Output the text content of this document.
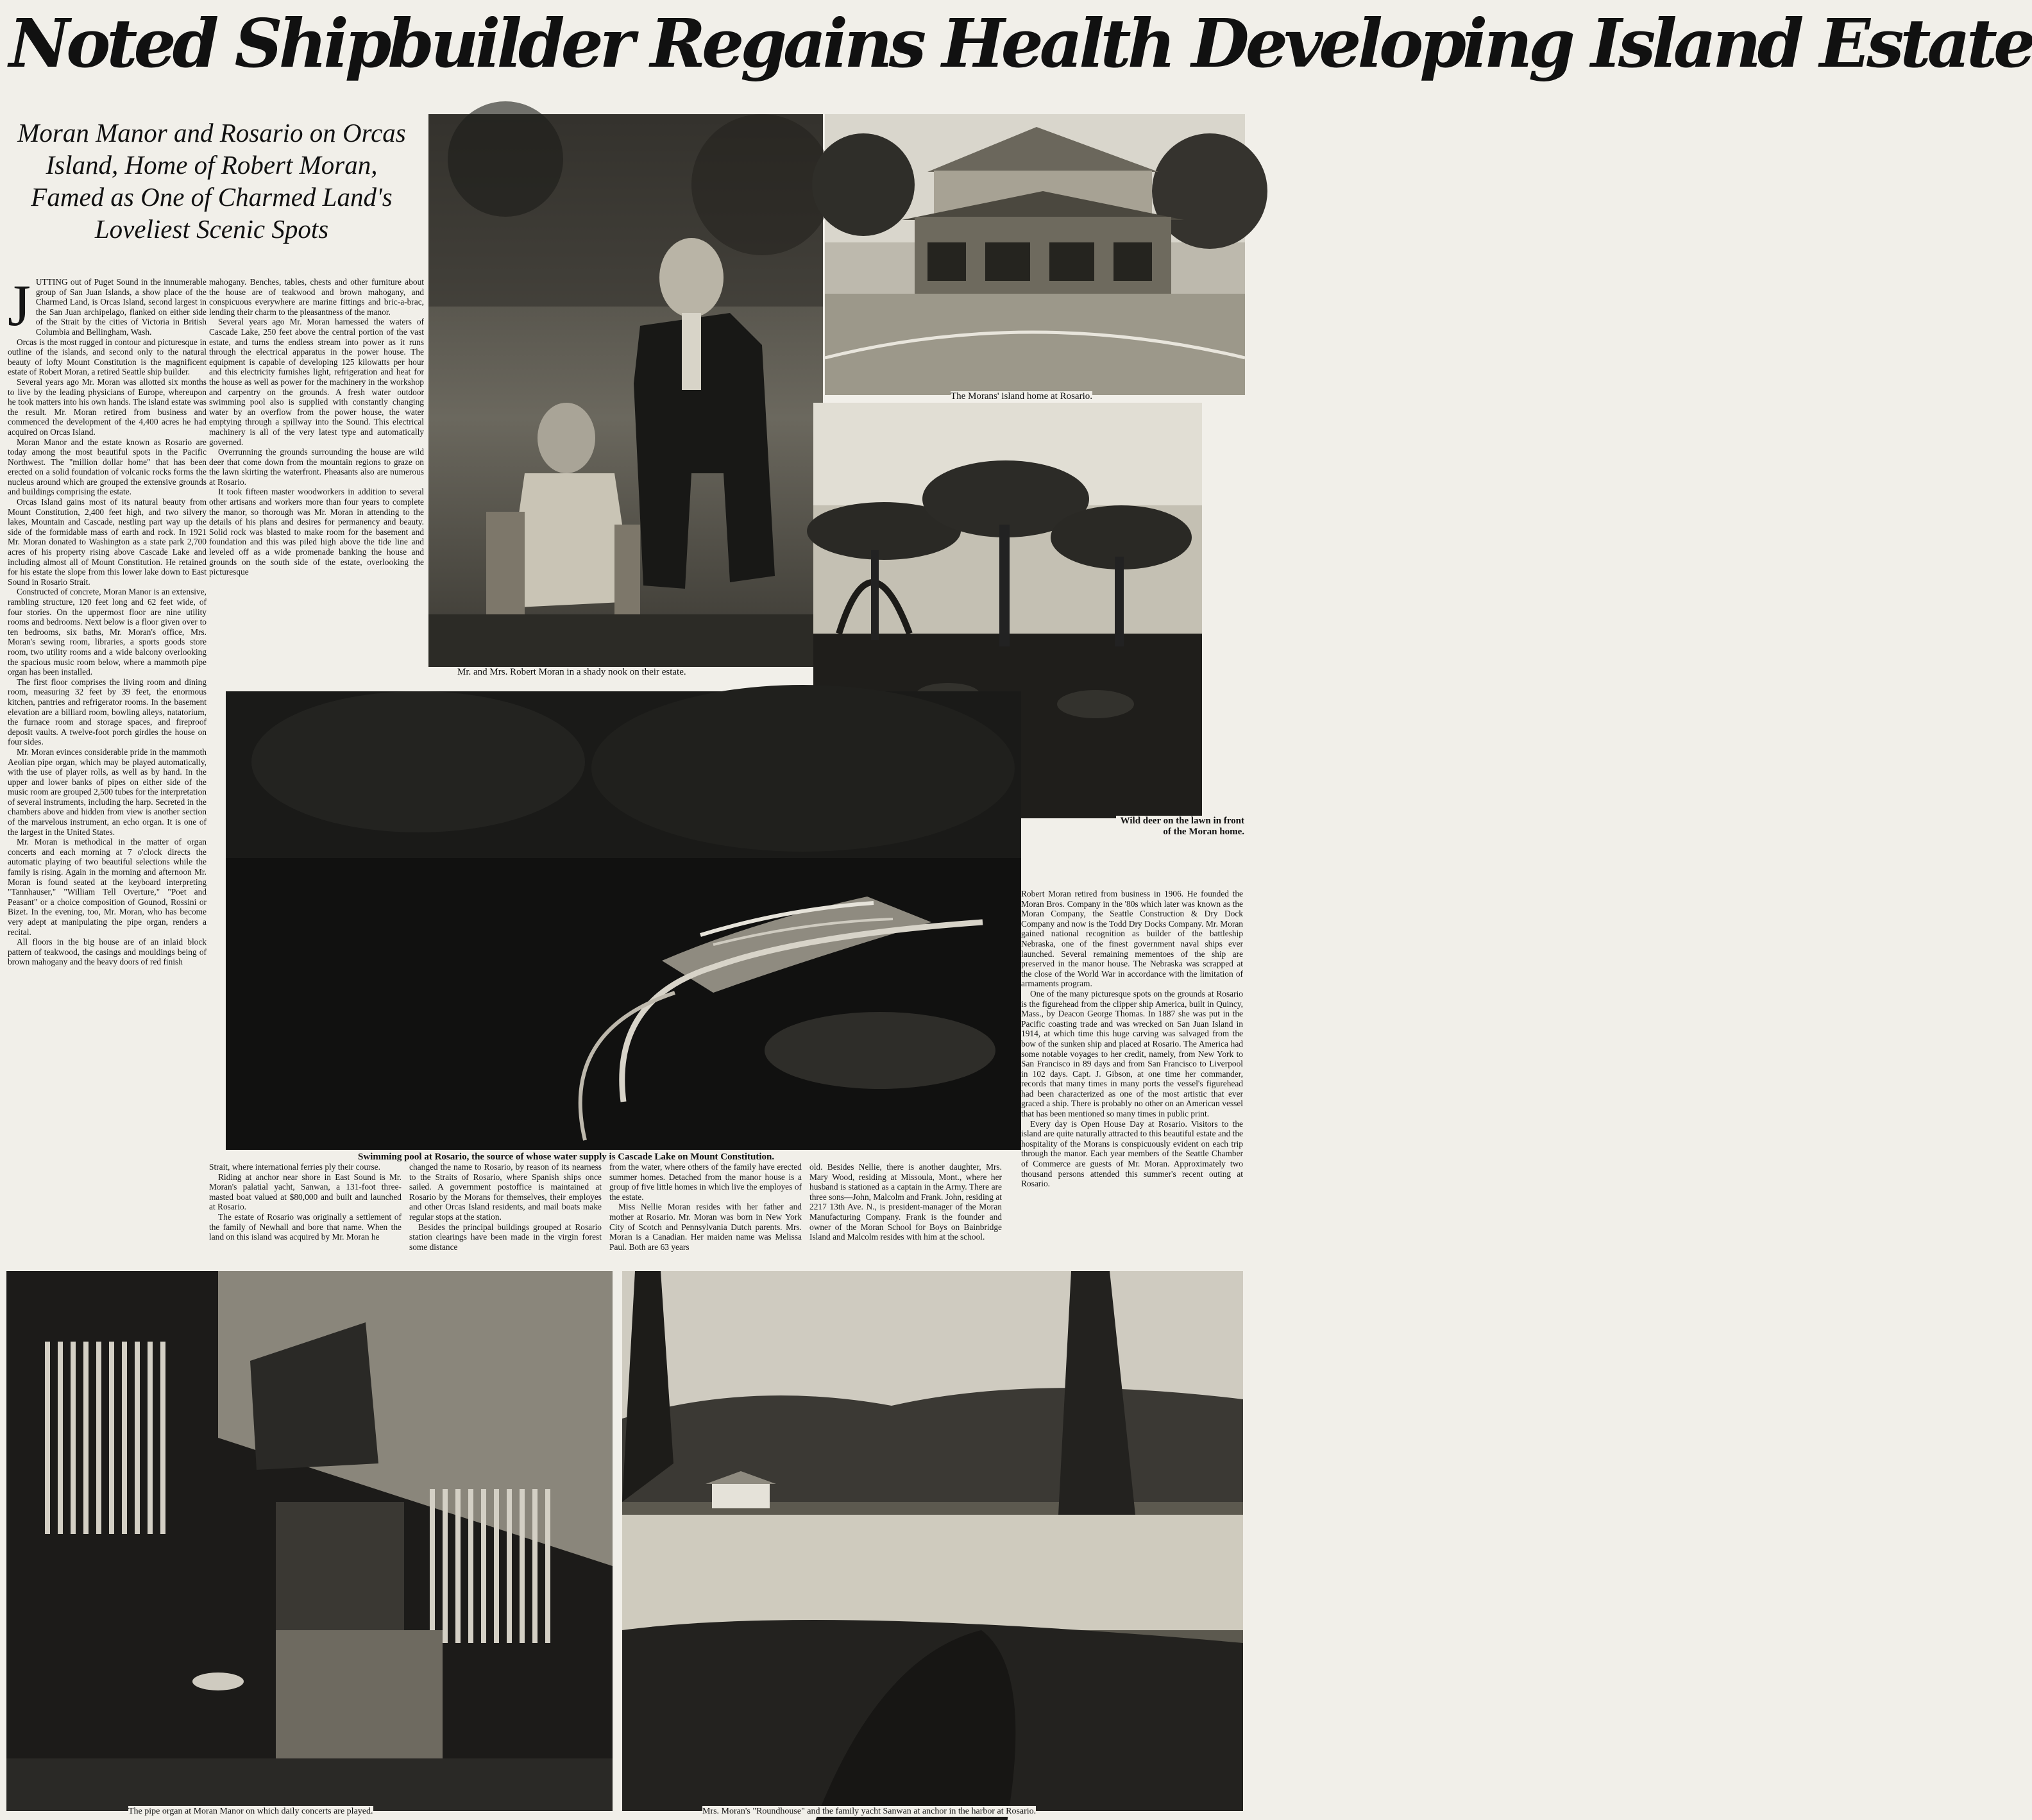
Noted Shipbuilder Regains Health Developing Island Estate
Moran Manor and Rosario on Orcas Island, Home of Robert Moran, Famed as One of Charmed Land's Loveliest Scenic Spots
Mr. and Mrs. Robert Moran in a shady nook on their estate.
The Morans' island home at Rosario.
Wild deer on the lawn in front of the Moran home.
Swimming pool at Rosario, the source of whose water supply is Cascade Lake on Mount Constitution.
The pipe organ at Moran Manor on which daily concerts are played.	Mrs. Moran's "Roundhouse" and the family yacht Sanwan at anchor in the harbor at Rosario.

JUTTING out of Puget Sound in the innumerable group of San Juan Islands, a show place of the Charmed Land, is Orcas Island, second largest in the San Juan archipelago, flanked on either side of the Strait by the cities of Victoria in British Columbia and Bellingham, Wash.

Orcas is the most rugged in contour and picturesque in outline of the islands, and second only to the natural beauty of lofty Mount Constitution is the magnificent estate of Robert Moran, a retired Seattle ship builder.

Several years ago Mr. Moran was allotted six months to live by the leading physicians of Europe, whereupon he took matters into his own hands. The island estate was the result. Mr. Moran retired from business and commenced the development of the 4,400 acres he had acquired on Orcas Island.

Moran Manor and the estate known as Rosario are today among the most beautiful spots in the Pacific Northwest. The "million dollar home" that has been erected on a solid foundation of volcanic rocks forms the nucleus around which are grouped the extensive grounds and buildings comprising the estate.

Orcas Island gains most of its natural beauty from Mount Constitution, 2,400 feet high, and two silvery lakes, Mountain and Cascade, nestling part way up the side of the formidable mass of earth and rock. In 1921 Mr. Moran donated to Washington as a state park 2,700 acres of his property rising above Cascade Lake and including almost all of Mount Constitution. He retained for his estate the slope from this lower lake down to East Sound in Rosario Strait.

Constructed of concrete, Moran Manor is an extensive, rambling structure, 120 feet long and 62 feet wide, of four stories. On the uppermost floor are nine utility rooms and bedrooms. Next below is a floor given over to ten bedrooms, six baths, Mr. Moran's office, Mrs. Moran's sewing room, libraries, a sports goods store room, two utility rooms and a wide balcony overlooking the spacious music room below, where a mammoth pipe organ has been installed.

The first floor comprises the living room and dining room, measuring 32 feet by 39 feet, the enormous kitchen, pantries and refrigerator rooms. In the basement elevation are a billiard room, bowling alleys, natatorium, the furnace room and storage spaces, and fireproof deposit vaults. A twelve-foot porch girdles the house on four sides.

Mr. Moran evinces considerable pride in the mammoth Aeolian pipe organ, which may be played automatically, with the use of player rolls, as well as by hand. In the upper and lower banks of pipes on either side of the music room are grouped 2,500 tubes for the interpretation of several instruments, including the harp. Secreted in the chambers above and hidden from view is another section of the marvelous instrument, an echo organ. It is one of the largest in the United States.

Mr. Moran is methodical in the matter of organ concerts and each morning at 7 o'clock directs the automatic playing of two beautiful selections while the family is rising. Again in the morning and afternoon Mr. Moran is found seated at the keyboard interpreting "Tannhauser," "William Tell Overture," "Poet and Peasant" or a choice composition of Gounod, Rossini or Bizet. In the evening, too, Mr. Moran, who has become very adept at manipulating the pipe organ, renders a recital.

All floors in the big house are of an inlaid block pattern of teakwood, the casings and mouldings being of brown mahogany and the heavy doors of red finish

mahogany. Benches, tables, chests and other furniture about the house are of teakwood and brown mahogany, and conspicuous everywhere are marine fittings and bric-a-brac, lending their charm to the pleasantness of the manor.

Several years ago Mr. Moran harnessed the waters of Cascade Lake, 250 feet above the central portion of the vast estate, and turns the endless stream into power as it runs through the electrical apparatus in the power house. The equipment is capable of developing 125 kilowatts per hour and this electricity furnishes light, refrigeration and heat for the house as well as power for the machinery in the workshop and carpentry on the grounds. A fresh water outdoor swimming pool also is supplied with constantly changing water by an overflow from the power house, the water emptying through a spillway into the Sound. This electrical machinery is all of the very latest type and automatically governed.

Overrunning the grounds surrounding the house are wild deer that come down from the mountain regions to graze on the lawn skirting the waterfront. Pheasants also are numerous at Rosario.

It took fifteen master woodworkers in addition to several other artisans and workers more than four years to complete the manor, so thorough was Mr. Moran in attending to the details of his plans and desires for permanency and beauty. Solid rock was blasted to make room for the basement and foundation and this was piled high above the tide line and leveled off as a wide promenade banking the house and grounds on the south side of the estate, overlooking the picturesque

Strait, where international ferries ply their course.

Riding at anchor near shore in East Sound is Mr. Moran's palatial yacht, Sanwan, a 131-foot three-masted boat valued at $80,000 and built and launched at Rosario.

The estate of Rosario was originally a settlement of the family of Newhall and bore that name. When the land on this island was acquired by Mr. Moran he

changed the name to Rosario, by reason of its nearness to the Straits of Rosario, where Spanish ships once sailed. A government postoffice is maintained at Rosario by the Morans for themselves, their employes and other Orcas Island residents, and mail boats make regular stops at the station.

Besides the principal buildings grouped at Rosario station clearings have been made in the virgin forest some distance

from the water, where others of the family have erected summer homes. Detached from the manor house is a group of five little homes in which live the employes of the estate.

Miss Nellie Moran resides with her father and mother at Rosario. Mr. Moran was born in New York City of Scotch and Pennsylvania Dutch parents. Mrs. Moran is a Canadian. Her maiden name was Melissa Paul. Both are 63 years

old. Besides Nellie, there is another daughter, Mrs. Mary Wood, residing at Missoula, Mont., where her husband is stationed as a captain in the Army. There are three sons—John, Malcolm and Frank. John, residing at 2217 13th Ave. N., is president-manager of the Moran Manufacturing Company. Frank is the founder and owner of the Moran School for Boys on Bainbridge Island and Malcolm resides with him at the school.

Robert Moran retired from business in 1906. He founded the Moran Bros. Company in the '80s which later was known as the Moran Company, the Seattle Construction & Dry Dock Company and now is the Todd Dry Docks Company. Mr. Moran gained national recognition as builder of the battleship Nebraska, one of the finest government naval ships ever launched. Several remaining mementoes of the ship are preserved in the manor house. The Nebraska was scrapped at the close of the World War in accordance with the limitation of armaments program.

One of the many picturesque spots on the grounds at Rosario is the figurehead from the clipper ship America, built in Quincy, Mass., by Deacon George Thomas. In 1887 she was put in the Pacific coasting trade and was wrecked on San Juan Island in 1914, at which time this huge carving was salvaged from the bow of the sunken ship and placed at Rosario. The America had some notable voyages to her credit, namely, from New York to San Francisco in 89 days and from San Francisco to Liverpool in 102 days. Capt. J. Gibson, at one time her commander, records that many times in many ports the vessel's figurehead had been characterized as one of the most artistic that ever graced a ship. There is probably no other on an American vessel that has been mentioned so many times in public print.

Every day is Open House Day at Rosario. Visitors to the island are quite naturally attracted to this beautiful estate and the hospitality of the Morans is conspicuously evident on each trip through the manor. Each year members of the Seattle Chamber of Commerce are guests of Mr. Moran. Approximately two thousand persons attended this summer's recent outing at Rosario.
